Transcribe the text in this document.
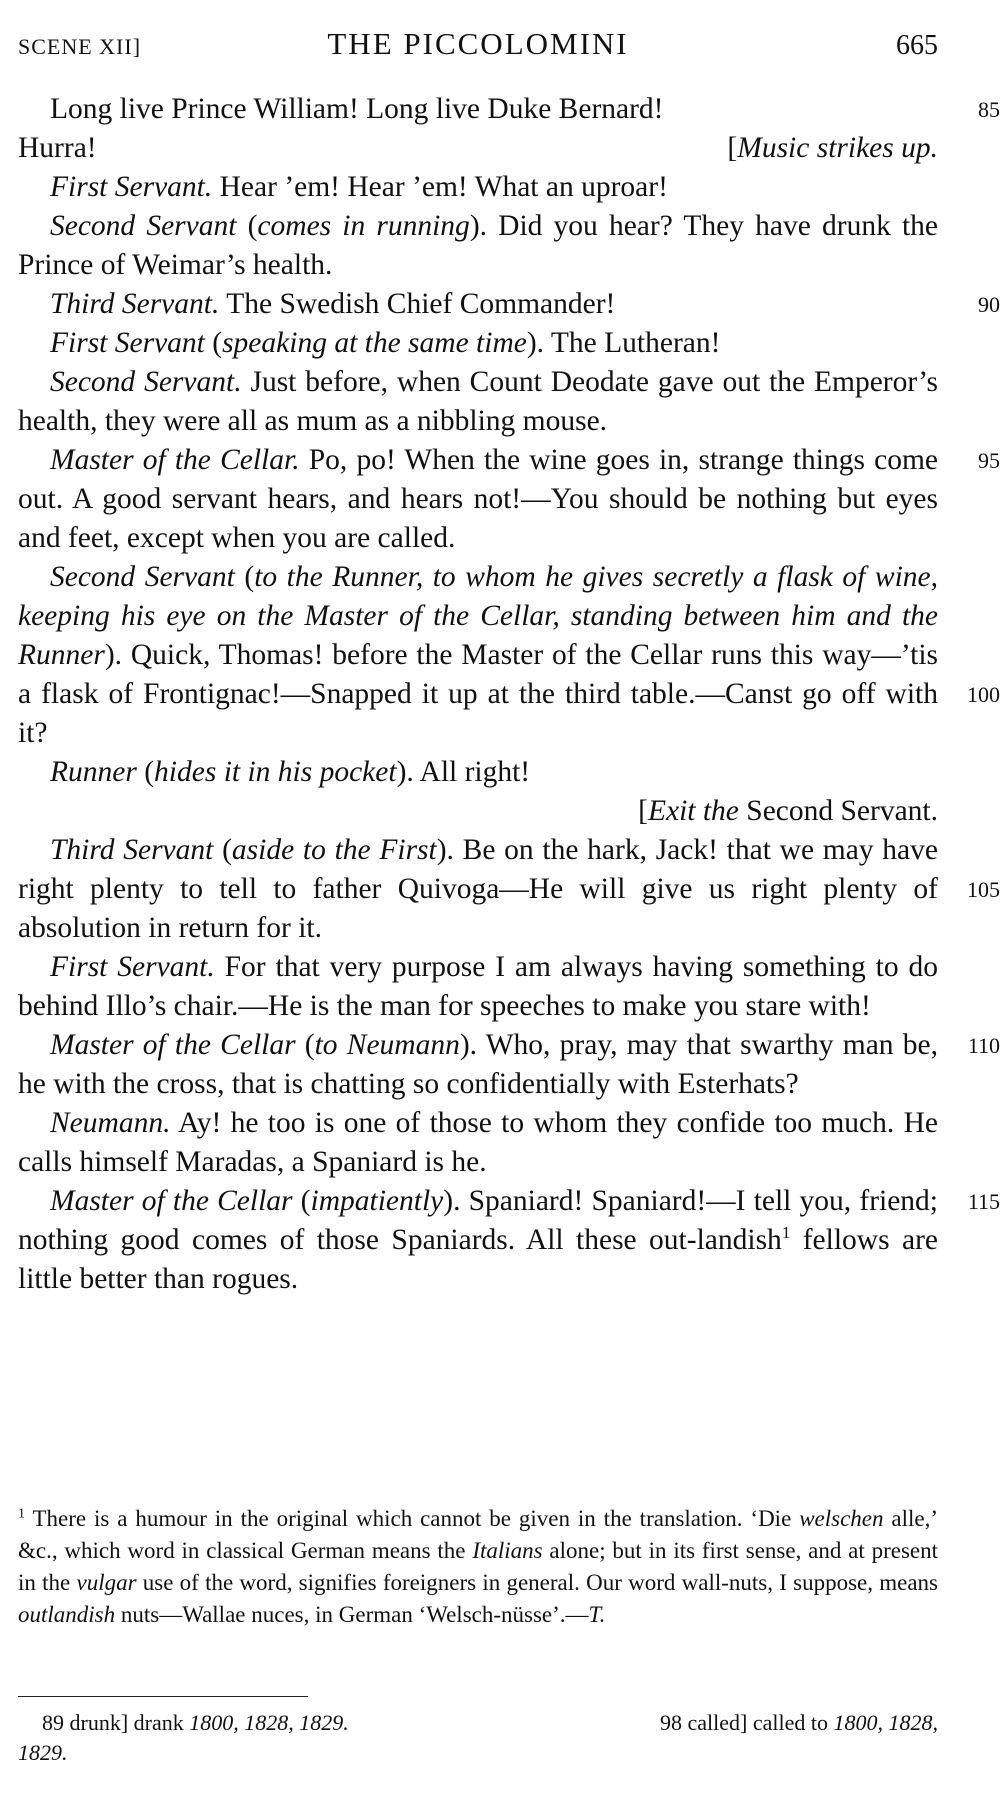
SCENE XII]	THE PICCOLOMINI	665

Long live Prince William! Long live Duke Bernard!	85

Hurra!	[Music strikes up.

First Servant. Hear ’em! Hear ’em! What an uproar!

Second Servant (comes in running). Did you hear? They have drunk the Prince of Weimar’s health.

Third Servant. The Swedish Chief Commander!	90

First Servant (speaking at the same time). The Lutheran!

Second Servant. Just before, when Count Deodate gave out the Emperor’s health, they were all as mum as a nibbling mouse.

Master of the Cellar. Po, po! When the wine goes in, strange things come out. A good servant hears, and hears not!—You should be nothing but eyes and feet, except when you are called.
95

Second Servant (to the Runner, to whom he gives secretly a flask of wine, keeping his eye on the Master of the Cellar, standing between him and the Runner). Quick, Thomas! before the Master of the Cellar runs this way—’tis a flask of Frontignac!—Snapped it up at the third table.—Canst go off with it?
100

Runner (hides it in his pocket). All right!

[Exit the Second Servant.

Third Servant (aside to the First). Be on the hark, Jack! that we may have right plenty to tell to father Quivoga—He will give us right plenty of absolution in return for it.
105

First Servant. For that very purpose I am always having something to do behind Illo’s chair.—He is the man for speeches to make you stare with!

Master of the Cellar (to Neumann). Who, pray, may that swarthy man be, he with the cross, that is chatting so confidentially with Esterhats?
110

Neumann. Ay! he too is one of those to whom they confide too much. He calls himself Maradas, a Spaniard is he.

Master of the Cellar (impatiently). Spaniard! Spaniard!—I tell you, friend; nothing good comes of those Spaniards. All these out-landish$^1$ fellows are little better than rogues.
115

$^1$ There is a humour in the original which cannot be given in the translation. ‘Die welschen alle,’ &c., which word in classical German means the Italians alone; but in its first sense, and at present in the vulgar use of the word, signifies foreigners in general. Our word wall-nuts, I suppose, means outlandish nuts—Wallae nuces, in German ‘Welsch-nüsse’.—T.
89 drunk] drank 1800, 1828, 1829.	98 called] called to 1800, 1828,
1829.
